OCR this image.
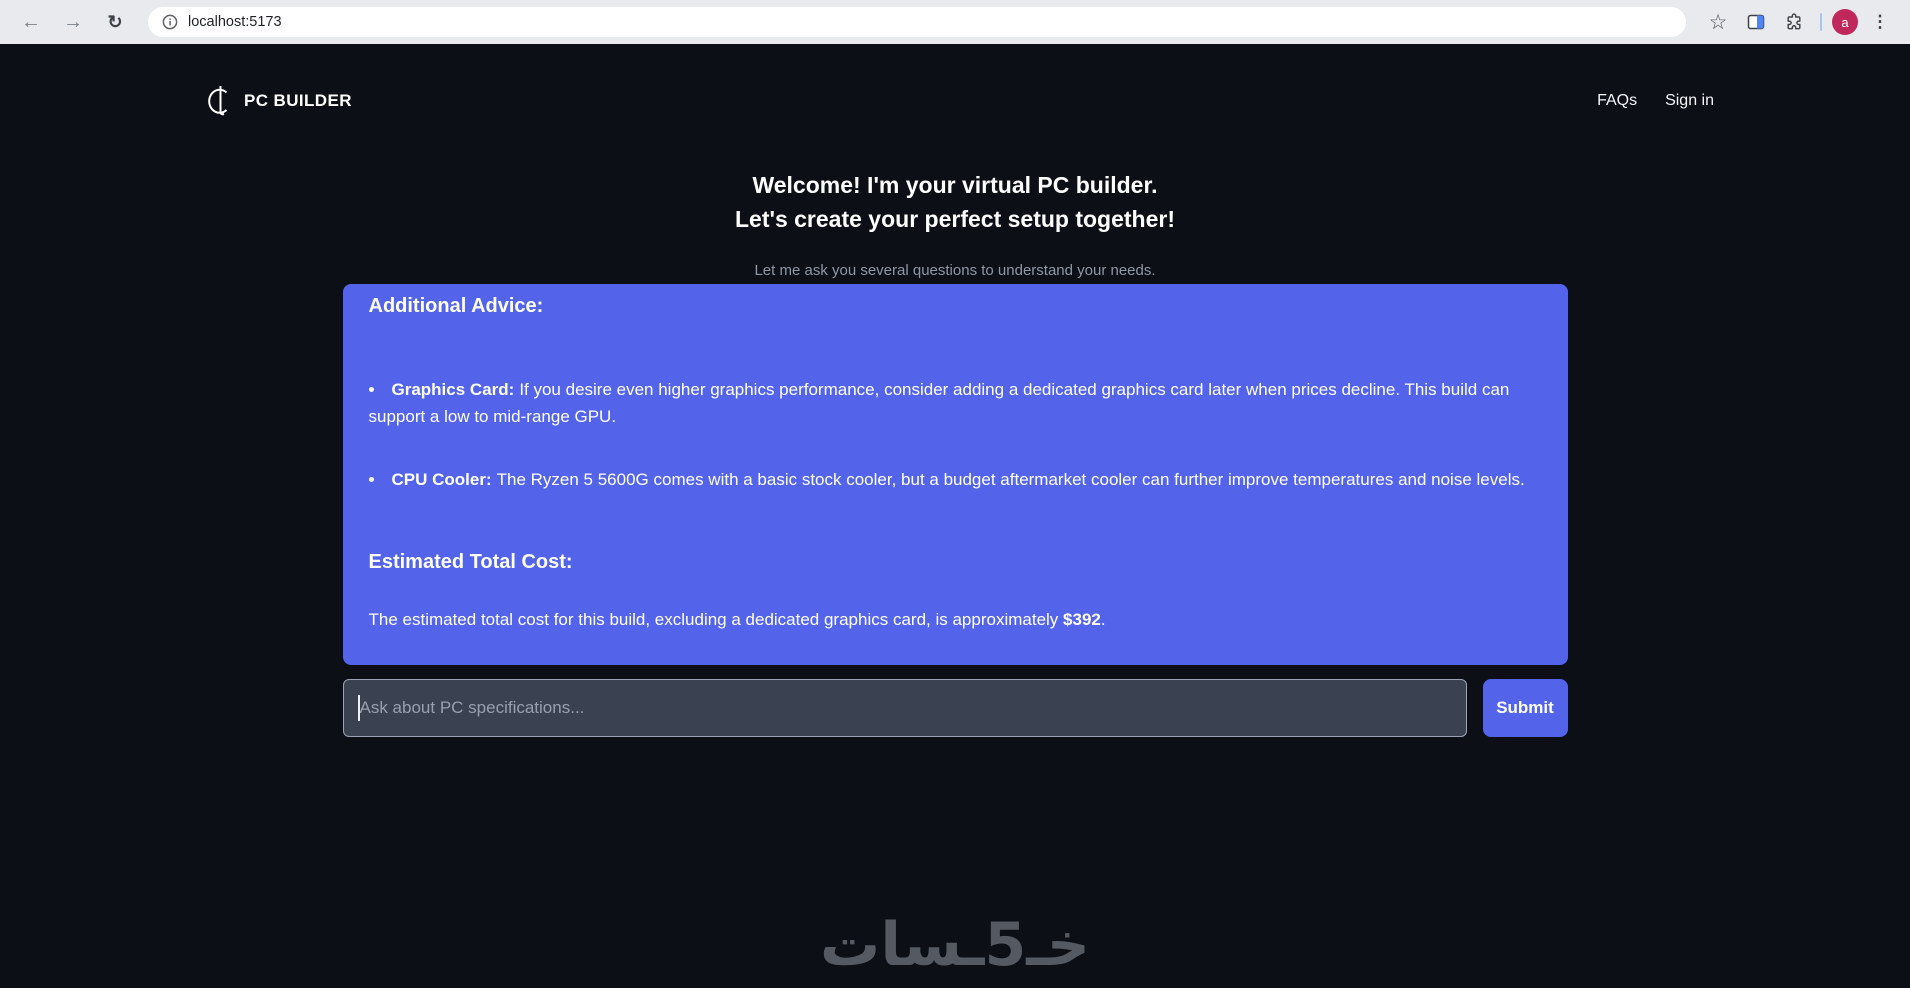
← → ↻	localhost:5173	☆	a ⋮
PC BUILDER	FAQs Sign in
Welcome! I'm your virtual PC builder.
Let's create your perfect setup together!
Let me ask you several questions to understand your needs.
Additional Advice:
• Graphics Card: If you desire even higher graphics performance, consider adding a dedicated graphics card later when prices decline. This build can support a low to mid-range GPU.
• CPU Cooler: The Ryzen 5 5600G comes with a basic stock cooler, but a budget aftermarket cooler can further improve temperatures and noise levels.
Estimated Total Cost:
The estimated total cost for this build, excluding a dedicated graphics card, is approximately $392.
Ask about PC specifications...
Submit
خـ5ـسات
